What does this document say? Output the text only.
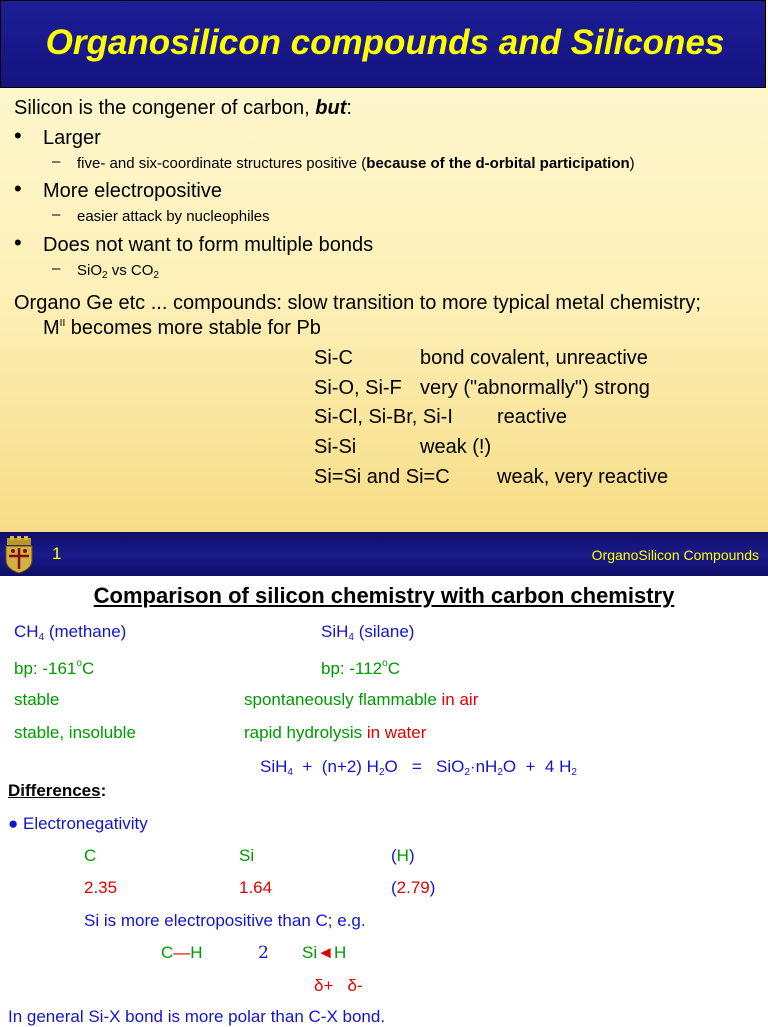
Organosilicon compounds and Silicones
Silicon is the congener of carbon, but:
• Larger
– five- and six-coordinate structures positive (because of the d-orbital participation)
• More electropositive
– easier attack by nucleophiles
• Does not want to form multiple bonds
– SiO$_2$ vs $CO_2$
Organo Ge etc ... compounds: slow transition to more typical metal chemistry;
$M^{II}$ becomes more stable for Pb
Si-C	bond covalent, unreactive
Si-O, Si-F very ("abnormally") strong
Si-Cl, Si-Br, Si-I reactive
Si-Si	weak (!)
Si=Si and Si=C weak, very reactive
1	OrganoSilicon Compounds
Comparison of silicon chemistry with carbon chemistry
$CH_4$ (methane)	SiH$_4$ (silane)
bp: -161$^o$C	bp: -112$^o$C
stable	spontaneously flammable in air
stable, insoluble	rapid hydrolysis in water
SiH$_4$  +  (n+2) $H_2O = SiO_2\cdot nH_2O + 4$ $H_2$
Differences:
● Electronegativity
C	Si	(H)
2.35	1.64	(2.79)
Si is more electropositive than C; e.g.
C—H	2 Si◄H
δ+   δ-
In general Si-X bond is more polar than C-X bond.
